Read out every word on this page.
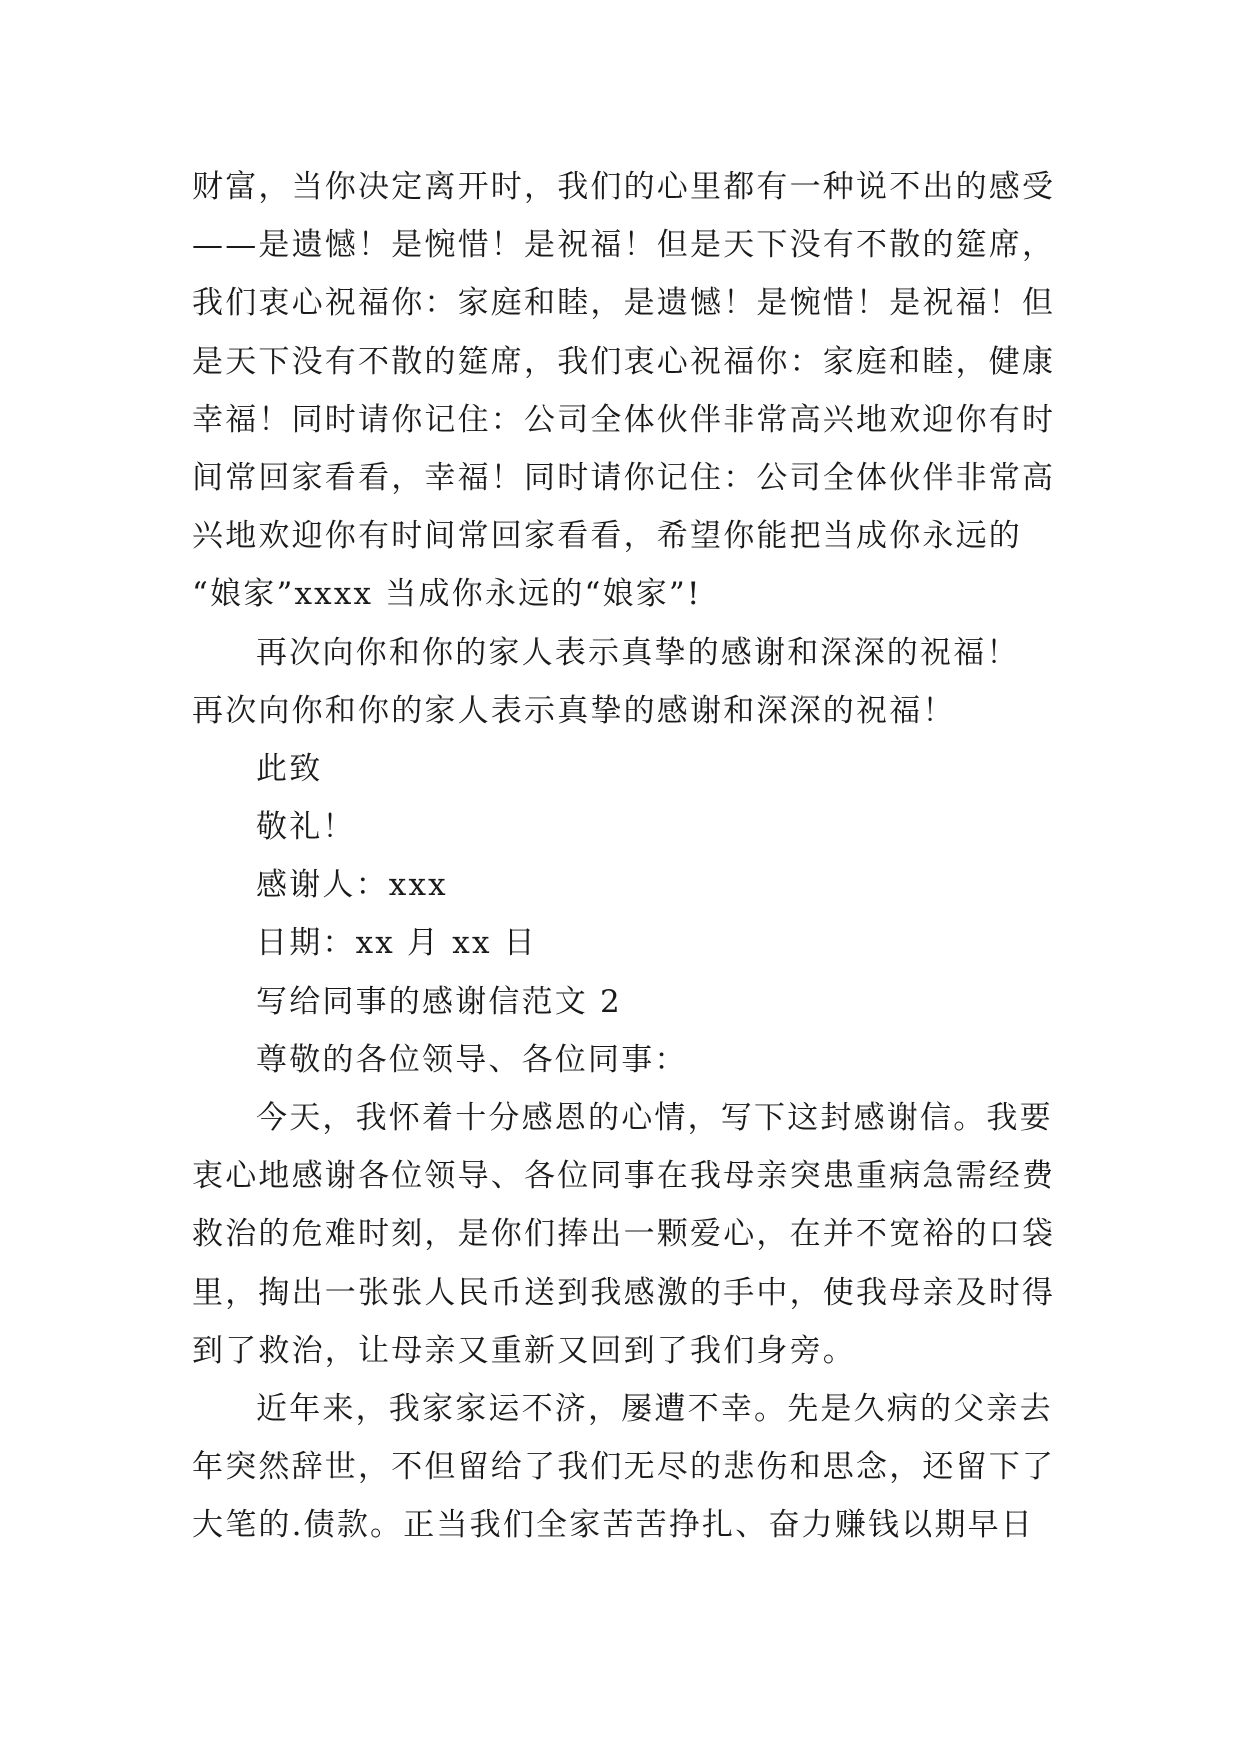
财富，当你决定离开时，我们的心里都有一种说不出的感受
——是遗憾！是惋惜！是祝福！但是天下没有不散的筵席，
我们衷心祝福你：家庭和睦，是遗憾！是惋惜！是祝福！但
是天下没有不散的筵席，我们衷心祝福你：家庭和睦，健康
幸福！同时请你记住：公司全体伙伴非常高兴地欢迎你有时
间常回家看看，幸福！同时请你记住：公司全体伙伴非常高
兴地欢迎你有时间常回家看看，希望你能把当成你永远的
“娘家”xxxx 当成你永远的“娘家”!
再次向你和你的家人表示真挚的感谢和深深的祝福！
再次向你和你的家人表示真挚的感谢和深深的祝福！
此致
敬礼！
感谢人：xxx
日期：xx 月 xx 日
写给同事的感谢信范文 2
尊敬的各位领导、各位同事：
今天，我怀着十分感恩的心情，写下这封感谢信。我要
衷心地感谢各位领导、各位同事在我母亲突患重病急需经费
救治的危难时刻，是你们捧出一颗爱心，在并不宽裕的口袋
里，掏出一张张人民币送到我感激的手中，使我母亲及时得
到了救治，让母亲又重新又回到了我们身旁。
近年来，我家家运不济，屡遭不幸。先是久病的父亲去
年突然辞世，不但留给了我们无尽的悲伤和思念，还留下了
大笔的.债款。正当我们全家苦苦挣扎、奋力赚钱以期早日
